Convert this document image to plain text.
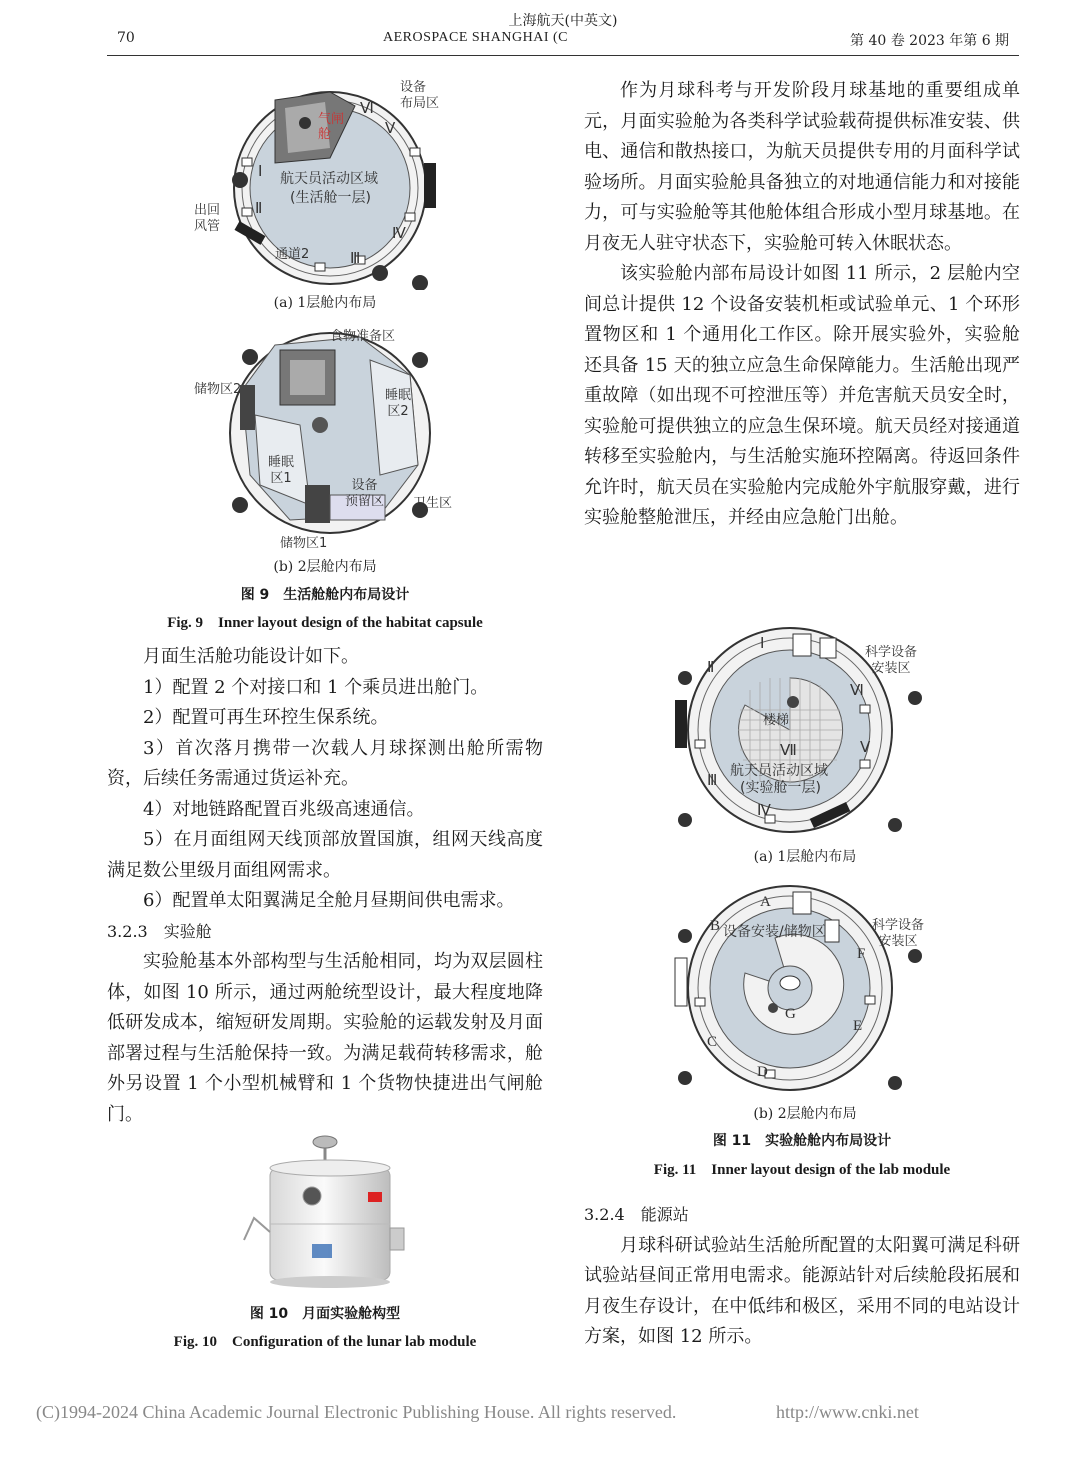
70
上海航天(中英文)
AEROSPACE SHANGHAI (C	第 40 卷 2023 年第 6 期
航天员活动区域
(生活舱一层)
气闸 舱
通道2
Ⅰ
Ⅱ
Ⅲ
Ⅳ
Ⅴ
Ⅵ
设备
布局区
出回
风管
(a) 1层舱内布局
食物准备区
储物区2	睡眠
区2
睡眠
区1	设备
预留区 卫生区
储物区1
(b) 2层舱内布局
图 9　生活舱舱内布局设计
Fig. 9　Inner layout design of the habitat capsule

月面生活舱功能设计如下。

1）配置 2 个对接口和 1 个乘员进出舱门。

2）配置可再生环控生保系统。

3）首次落月携带一次载人月球探测出舱所需物资，后续任务需通过货运补充。

4）对地链路配置百兆级高速通信。

5）在月面组网天线顶部放置国旗，组网天线高度满足数公里级月面组网需求。

6）配置单太阳翼满足全舱月昼期间供电需求。

3.2.3　实验舱

实验舱基本外部构型与生活舱相同，均为双层圆柱体，如图 10 所示，通过两舱统型设计，最大程度地降低研发成本，缩短研发周期。实验舱的运载发射及月面部署过程与生活舱保持一致。为满足载荷转移需求，舱外另设置 1 个小型机械臂和 1 个货物快捷进出气闸舱门。

图 10　月面实验舱构型
Fig. 10　Configuration of the lunar lab module

作为月球科考与开发阶段月球基地的重要组成单元，月面实验舱为各类科学试验载荷提供标准安装、供电、通信和散热接口，为航天员提供专用的月面科学试验场所。月面实验舱具备独立的对地通信能力和对接能力，可与实验舱等其他舱体组合形成小型月球基地。在月夜无人驻守状态下，实验舱可转入休眠状态。

该实验舱内部布局设计如图 11 所示，2 层舱内空间总计提供 12 个设备安装机柜或试验单元、1 个环形置物区和 1 个通用化工作区。除开展实验外，实验舱还具备 15 天的独立应急生命保障能力。生活舱出现严重故障（如出现不可控泄压等）并危害航天员安全时，实验舱可提供独立的应急生保环境。航天员经对接通道转移至实验舱内，与生活舱实施环控隔离。待返回条件允许时，航天员在实验舱内完成舱外宇航服穿戴，进行实验舱整舱泄压，并经由应急舱门出舱。

楼梯
Ⅶ
航天员活动区域
(实验舱一层)
Ⅰ
Ⅱ
Ⅲ
Ⅳ
Ⅴ
Ⅵ
科学设备
安装区
(a) 1层舱内布局
设备安装/储物区
A
B
C
D
E
F
G
科学设备
安装区
(b) 2层舱内布局
图 11　实验舱舱内布局设计
Fig. 11　Inner layout design of the lab module

3.2.4　能源站

月球科研试验站生活舱所配置的太阳翼可满足科研试验站昼间正常用电需求。能源站针对后续舱段拓展和月夜生存设计，在中低纬和极区，采用不同的电站设计方案，如图 12 所示。

(C)1994-2024 China Academic Journal Electronic Publishing House. All rights reserved.	http://www.cnki.net
